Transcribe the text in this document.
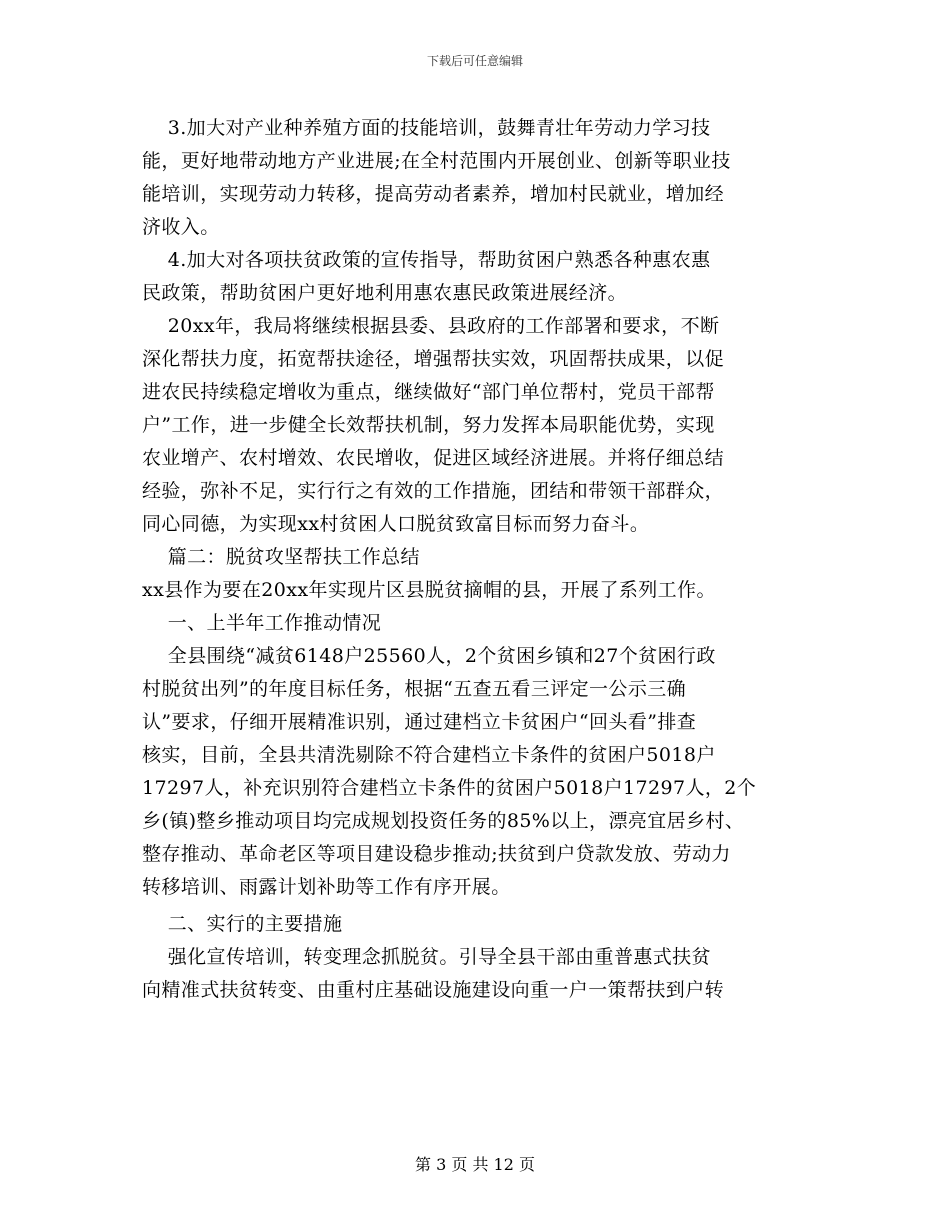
下载后可任意编辑
3.加大对产业种养殖方面的技能培训，鼓舞青壮年劳动力学习技
能，更好地带动地方产业进展;在全村范围内开展创业、创新等职业技
能培训，实现劳动力转移，提高劳动者素养，增加村民就业，增加经
济收入。
4.加大对各项扶贫政策的宣传指导，帮助贫困户熟悉各种惠农惠
民政策，帮助贫困户更好地利用惠农惠民政策进展经济。
20xx年，我局将继续根据县委、县政府的工作部署和要求，不断
深化帮扶力度，拓宽帮扶途径，增强帮扶实效，巩固帮扶成果，以促
进农民持续稳定增收为重点，继续做好“部门单位帮村，党员干部帮
户”工作，进一步健全长效帮扶机制，努力发挥本局职能优势，实现
农业增产、农村增效、农民增收，促进区域经济进展。并将仔细总结
经验，弥补不足，实行行之有效的工作措施，团结和带领干部群众，
同心同德，为实现xx村贫困人口脱贫致富目标而努力奋斗。
篇二：脱贫攻坚帮扶工作总结
xx县作为要在20xx年实现片区县脱贫摘帽的县，开展了系列工作。
一、上半年工作推动情况
全县围绕“减贫6148户25560人，2个贫困乡镇和27个贫困行政
村脱贫出列”的年度目标任务，根据“五查五看三评定一公示三确
认”要求，仔细开展精准识别，通过建档立卡贫困户“回头看”排查
核实，目前，全县共清洗剔除不符合建档立卡条件的贫困户5018户
17297人，补充识别符合建档立卡条件的贫困户5018户17297人，2个
乡(镇)整乡推动项目均完成规划投资任务的85%以上，漂亮宜居乡村、
整存推动、革命老区等项目建设稳步推动;扶贫到户贷款发放、劳动力
转移培训、雨露计划补助等工作有序开展。
二、实行的主要措施
强化宣传培训，转变理念抓脱贫。引导全县干部由重普惠式扶贫
向精准式扶贫转变、由重村庄基础设施建设向重一户一策帮扶到户转
第 3 页 共 12 页
